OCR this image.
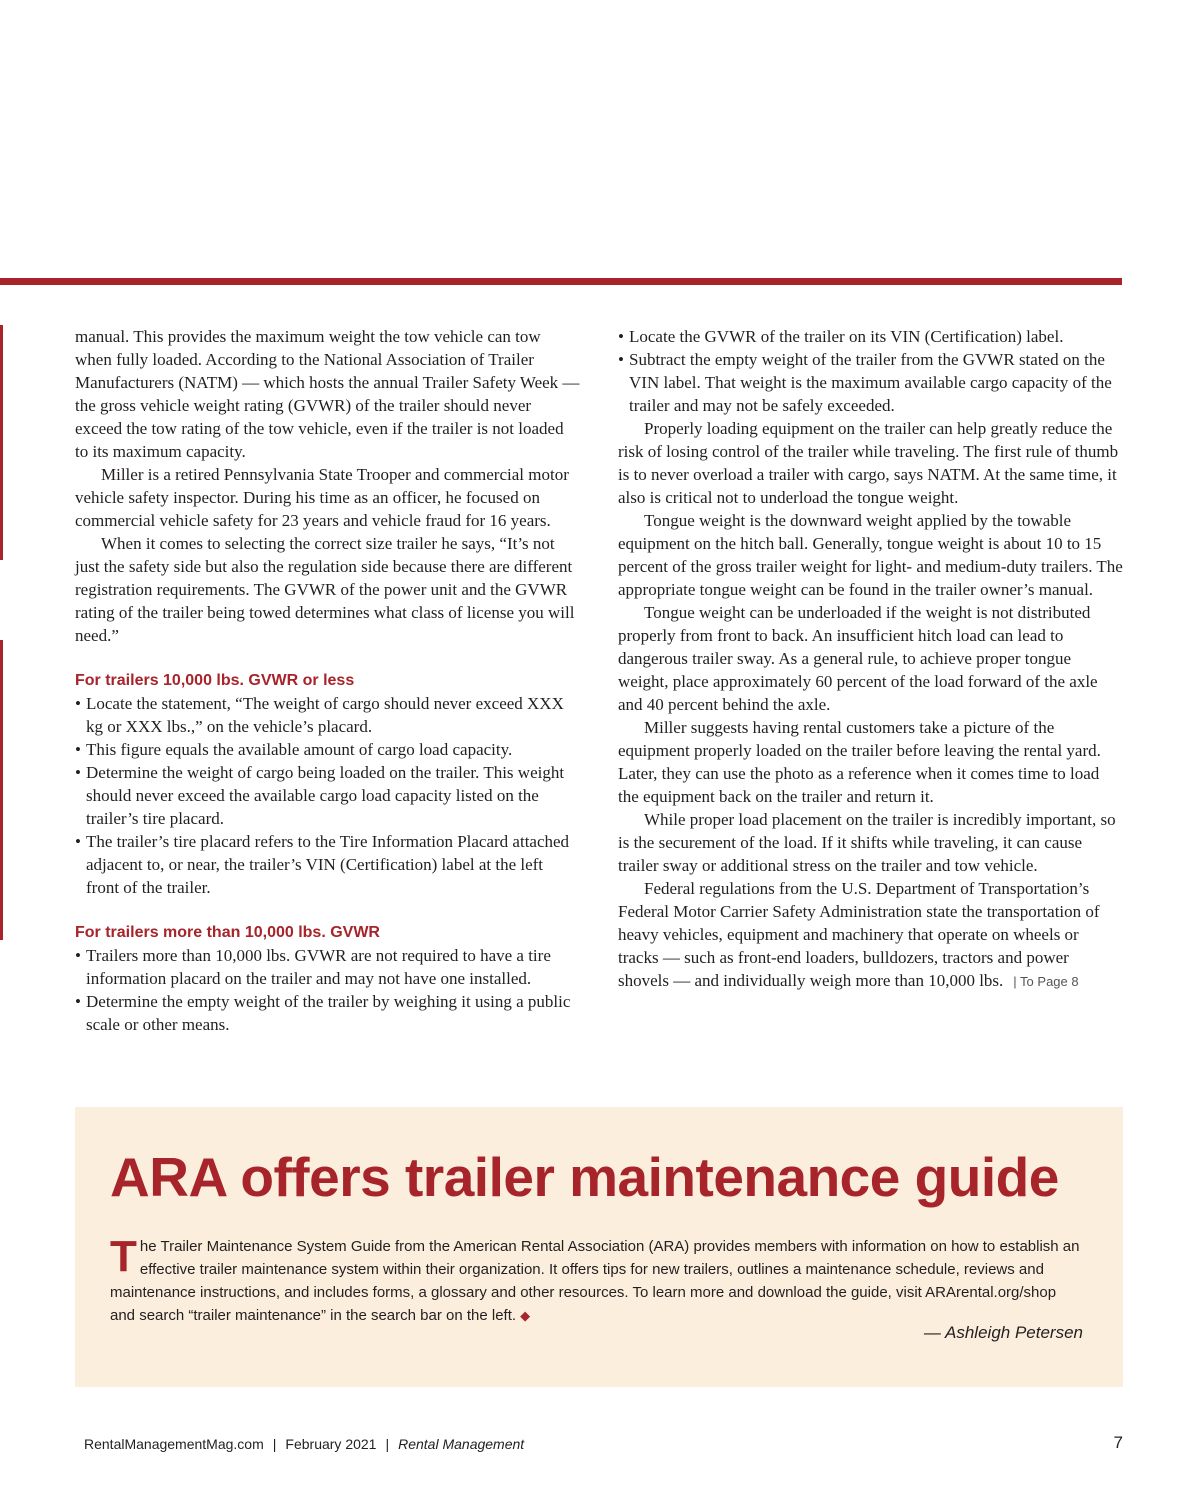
manual. This provides the maximum weight the tow vehicle can tow when fully loaded. According to the National Association of Trailer Manufacturers (NATM) — which hosts the annual Trailer Safety Week — the gross vehicle weight rating (GVWR) of the trailer should never exceed the tow rating of the tow vehicle, even if the trailer is not loaded to its maximum capacity.

Miller is a retired Pennsylvania State Trooper and commercial motor vehicle safety inspector. During his time as an officer, he focused on commercial vehicle safety for 23 years and vehicle fraud for 16 years.

When it comes to selecting the correct size trailer he says, “It’s not just the safety side but also the regulation side because there are different registration requirements. The GVWR of the power unit and the GVWR rating of the trailer being towed determines what class of license you will need.”

For trailers 10,000 lbs. GVWR or less
• Locate the statement, “The weight of cargo should never exceed XXX kg or XXX lbs.,” on the vehicle’s placard.
• This figure equals the available amount of cargo load capacity.
• Determine the weight of cargo being loaded on the trailer. This weight should never exceed the available cargo load capacity listed on the trailer’s tire placard.
• The trailer’s tire placard refers to the Tire Information Placard attached adjacent to, or near, the trailer’s VIN (Certification) label at the left front of the trailer.
For trailers more than 10,000 lbs. GVWR
• Trailers more than 10,000 lbs. GVWR are not required to have a tire information placard on the trailer and may not have one installed.
• Determine the empty weight of the trailer by weighing it using a public scale or other means.
• Locate the GVWR of the trailer on its VIN (Certification) label.
• Subtract the empty weight of the trailer from the GVWR stated on the VIN label. That weight is the maximum available cargo capacity of the trailer and may not be safely exceeded.

Properly loading equipment on the trailer can help greatly reduce the risk of losing control of the trailer while traveling. The first rule of thumb is to never overload a trailer with cargo, says NATM. At the same time, it also is critical not to underload the tongue weight.

Tongue weight is the downward weight applied by the towable equipment on the hitch ball. Generally, tongue weight is about 10 to 15 percent of the gross trailer weight for light- and medium-duty trailers. The appropriate tongue weight can be found in the trailer owner’s manual.

Tongue weight can be underloaded if the weight is not distributed properly from front to back. An insufficient hitch load can lead to dangerous trailer sway. As a general rule, to achieve proper tongue weight, place approximately 60 percent of the load forward of the axle and 40 percent behind the axle.

Miller suggests having rental customers take a picture of the equipment properly loaded on the trailer before leaving the rental yard. Later, they can use the photo as a reference when it comes time to load the equipment back on the trailer and return it.

While proper load placement on the trailer is incredibly important, so is the securement of the load. If it shifts while traveling, it can cause trailer sway or additional stress on the trailer and tow vehicle.

Federal regulations from the U.S. Department of Transportation’s Federal Motor Carrier Safety Administration state the transportation of heavy vehicles, equipment and machinery that operate on wheels or tracks — such as front-end loaders, bulldozers, tractors and power shovels — and individually weigh more than 10,000 lbs. | To Page 8

ARA offers trailer maintenance guide
The Trailer Maintenance System Guide from the American Rental Association (ARA) provides members with information on how to establish an effective trailer maintenance system within their organization. It offers tips for new trailers, outlines a maintenance schedule, reviews and maintenance instructions, and includes forms, a glossary and other resources. To learn more and download the guide, visit ARArental.org/shop and search “trailer maintenance” in the search bar on the left. ◆
— Ashleigh Petersen
RentalManagementMag.com | February 2021 | Rental Management	7
